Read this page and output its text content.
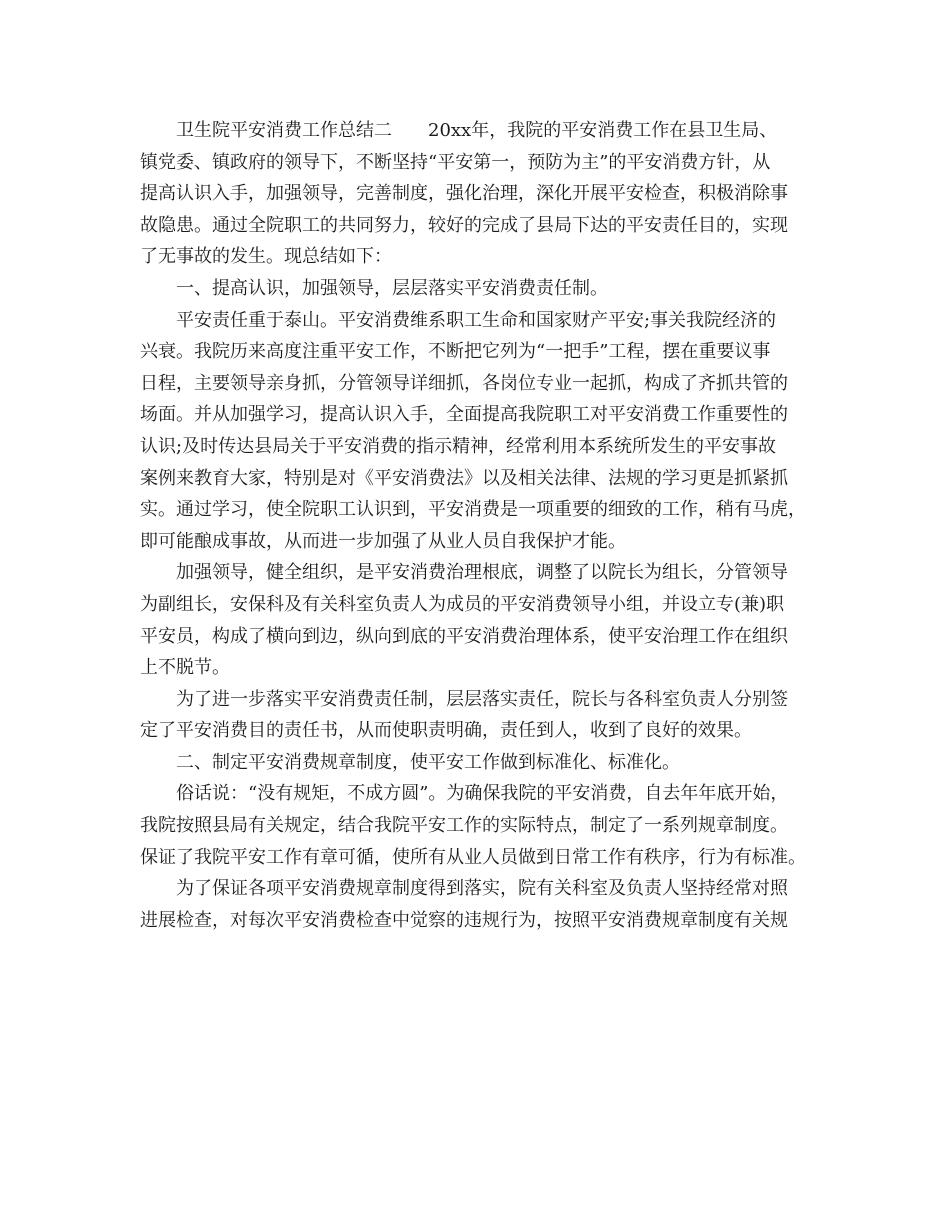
卫生院平安消费工作总结二　　20xx年，我院的平安消费工作在县卫生局、
镇党委、镇政府的领导下，不断坚持“平安第一，预防为主”的平安消费方针，从
提高认识入手，加强领导，完善制度，强化治理，深化开展平安检查，积极消除事
故隐患。通过全院职工的共同努力，较好的完成了县局下达的平安责任目的，实现
了无事故的发生。现总结如下：
一、提高认识，加强领导，层层落实平安消费责任制。
平安责任重于泰山。平安消费维系职工生命和国家财产平安;事关我院经济的
兴衰。我院历来高度注重平安工作，不断把它列为“一把手”工程，摆在重要议事
日程，主要领导亲身抓，分管领导详细抓，各岗位专业一起抓，构成了齐抓共管的
场面。并从加强学习，提高认识入手，全面提高我院职工对平安消费工作重要性的
认识;及时传达县局关于平安消费的指示精神，经常利用本系统所发生的平安事故
案例来教育大家，特别是对《平安消费法》以及相关法律、法规的学习更是抓紧抓
实。通过学习，使全院职工认识到，平安消费是一项重要的细致的工作，稍有马虎，
即可能酿成事故，从而进一步加强了从业人员自我保护才能。
加强领导，健全组织，是平安消费治理根底，调整了以院长为组长，分管领导
为副组长，安保科及有关科室负责人为成员的平安消费领导小组，并设立专(兼)职
平安员，构成了横向到边，纵向到底的平安消费治理体系，使平安治理工作在组织
上不脱节。
为了进一步落实平安消费责任制，层层落实责任，院长与各科室负责人分别签
定了平安消费目的责任书，从而使职责明确，责任到人，收到了良好的效果。
二、制定平安消费规章制度，使平安工作做到标准化、标准化。
俗话说：“没有规矩，不成方圆”。为确保我院的平安消费，自去年年底开始，
我院按照县局有关规定，结合我院平安工作的实际特点，制定了一系列规章制度。
保证了我院平安工作有章可循，使所有从业人员做到日常工作有秩序，行为有标准。
为了保证各项平安消费规章制度得到落实，院有关科室及负责人坚持经常对照
进展检查，对每次平安消费检查中觉察的违规行为，按照平安消费规章制度有关规
